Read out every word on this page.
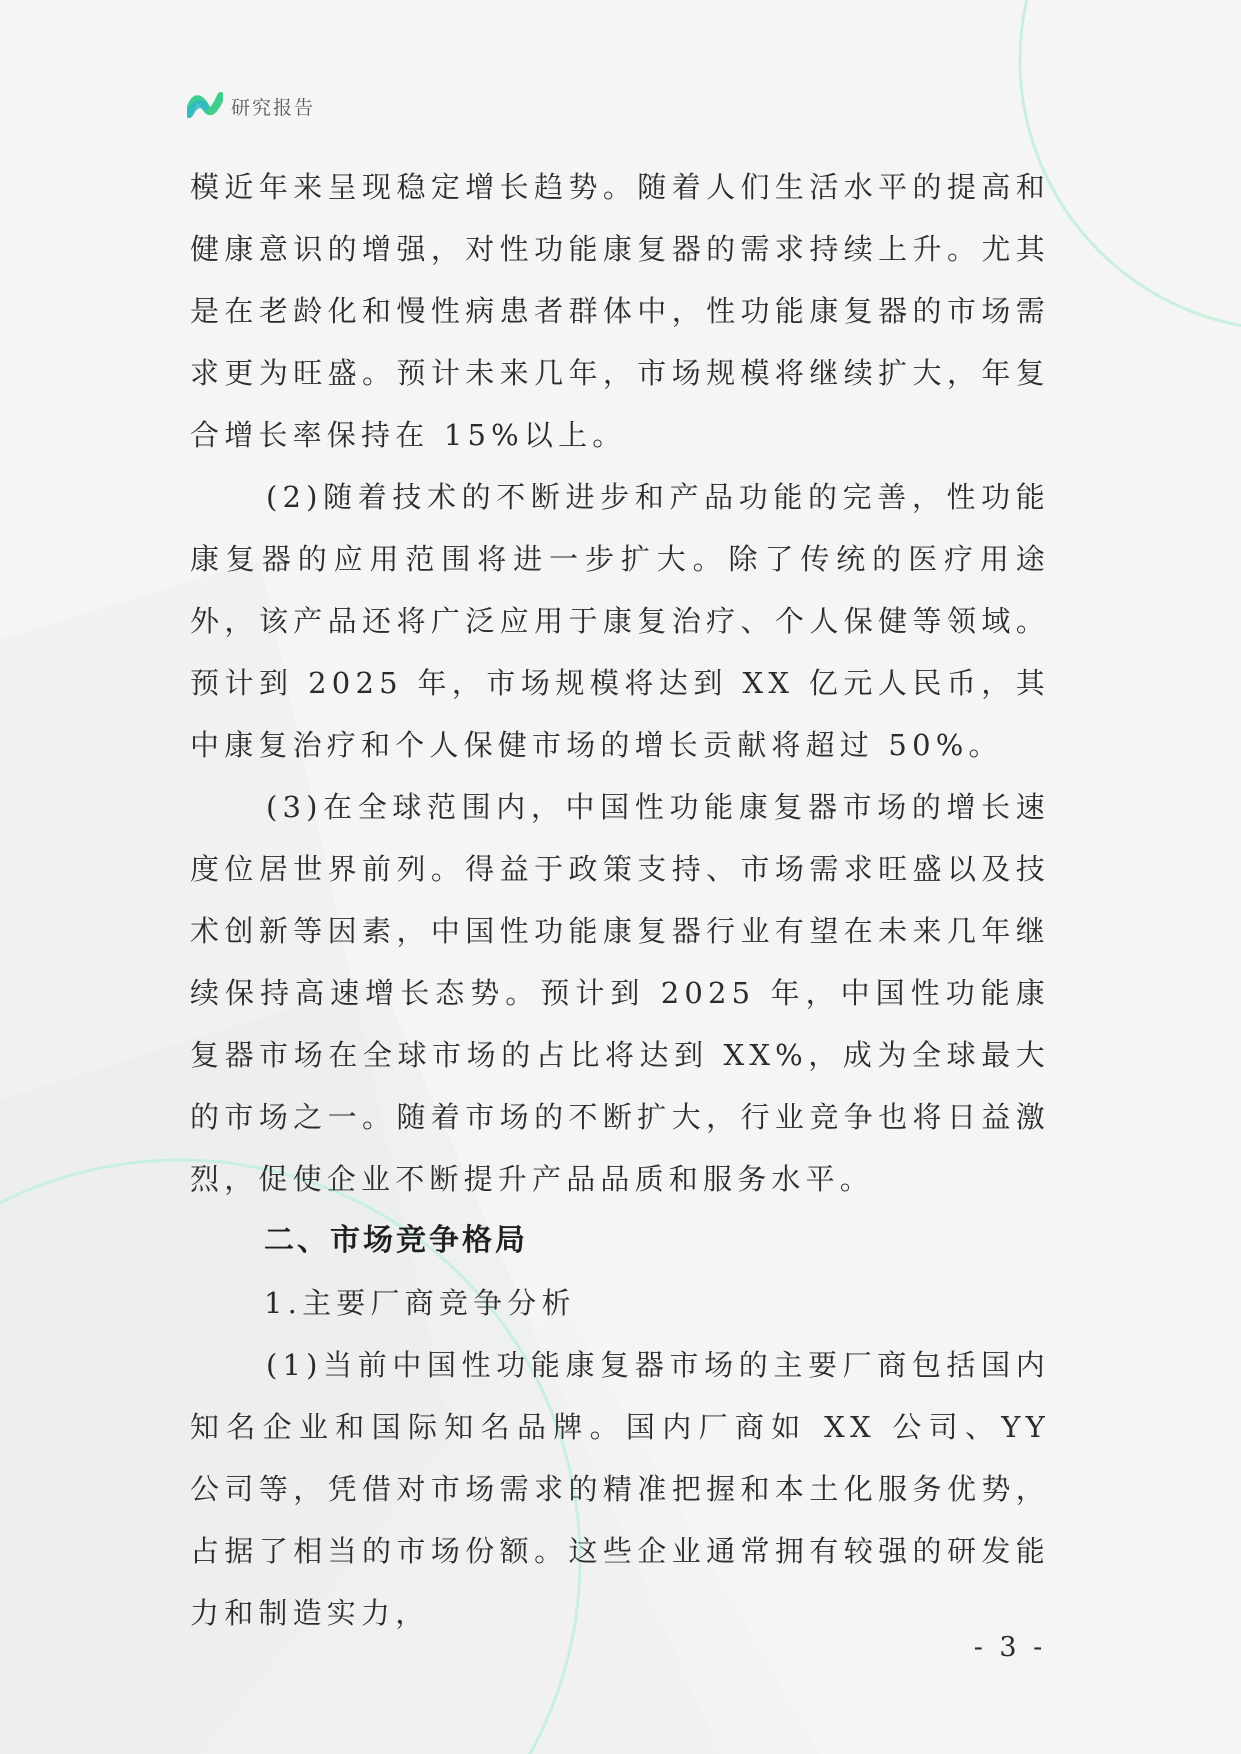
研究报告

模近年来呈现稳定增长趋势。随着人们生活水平的提高和健康意识的增强，对性功能康复器的需求持续上升。尤其是在老龄化和慢性病患者群体中，性功能康复器的市场需求更为旺盛。预计未来几年，市场规模将继续扩大，年复合增长率保持在 15%以上。

(2)随着技术的不断进步和产品功能的完善，性功能康复器的应用范围将进一步扩大。除了传统的医疗用途外，该产品还将广泛应用于康复治疗、个人保健等领域。预计到 2025 年，市场规模将达到 XX 亿元人民币，其中康复治疗和个人保健市场的增长贡献将超过 50%。

(3)在全球范围内，中国性功能康复器市场的增长速度位居世界前列。得益于政策支持、市场需求旺盛以及技术创新等因素，中国性功能康复器行业有望在未来几年继续保持高速增长态势。预计到 2025 年，中国性功能康复器市场在全球市场的占比将达到 XX%，成为全球最大的市场之一。随着市场的不断扩大，行业竞争也将日益激烈，促使企业不断提升产品品质和服务水平。

二、市场竞争格局

1.主要厂商竞争分析

(1)当前中国性功能康复器市场的主要厂商包括国内知名企业和国际知名品牌。国内厂商如 XX 公司、YY 公司等，凭借对市场需求的精准把握和本土化服务优势，占据了相当的市场份额。这些企业通常拥有较强的研发能力和制造实力，

- 3 -
